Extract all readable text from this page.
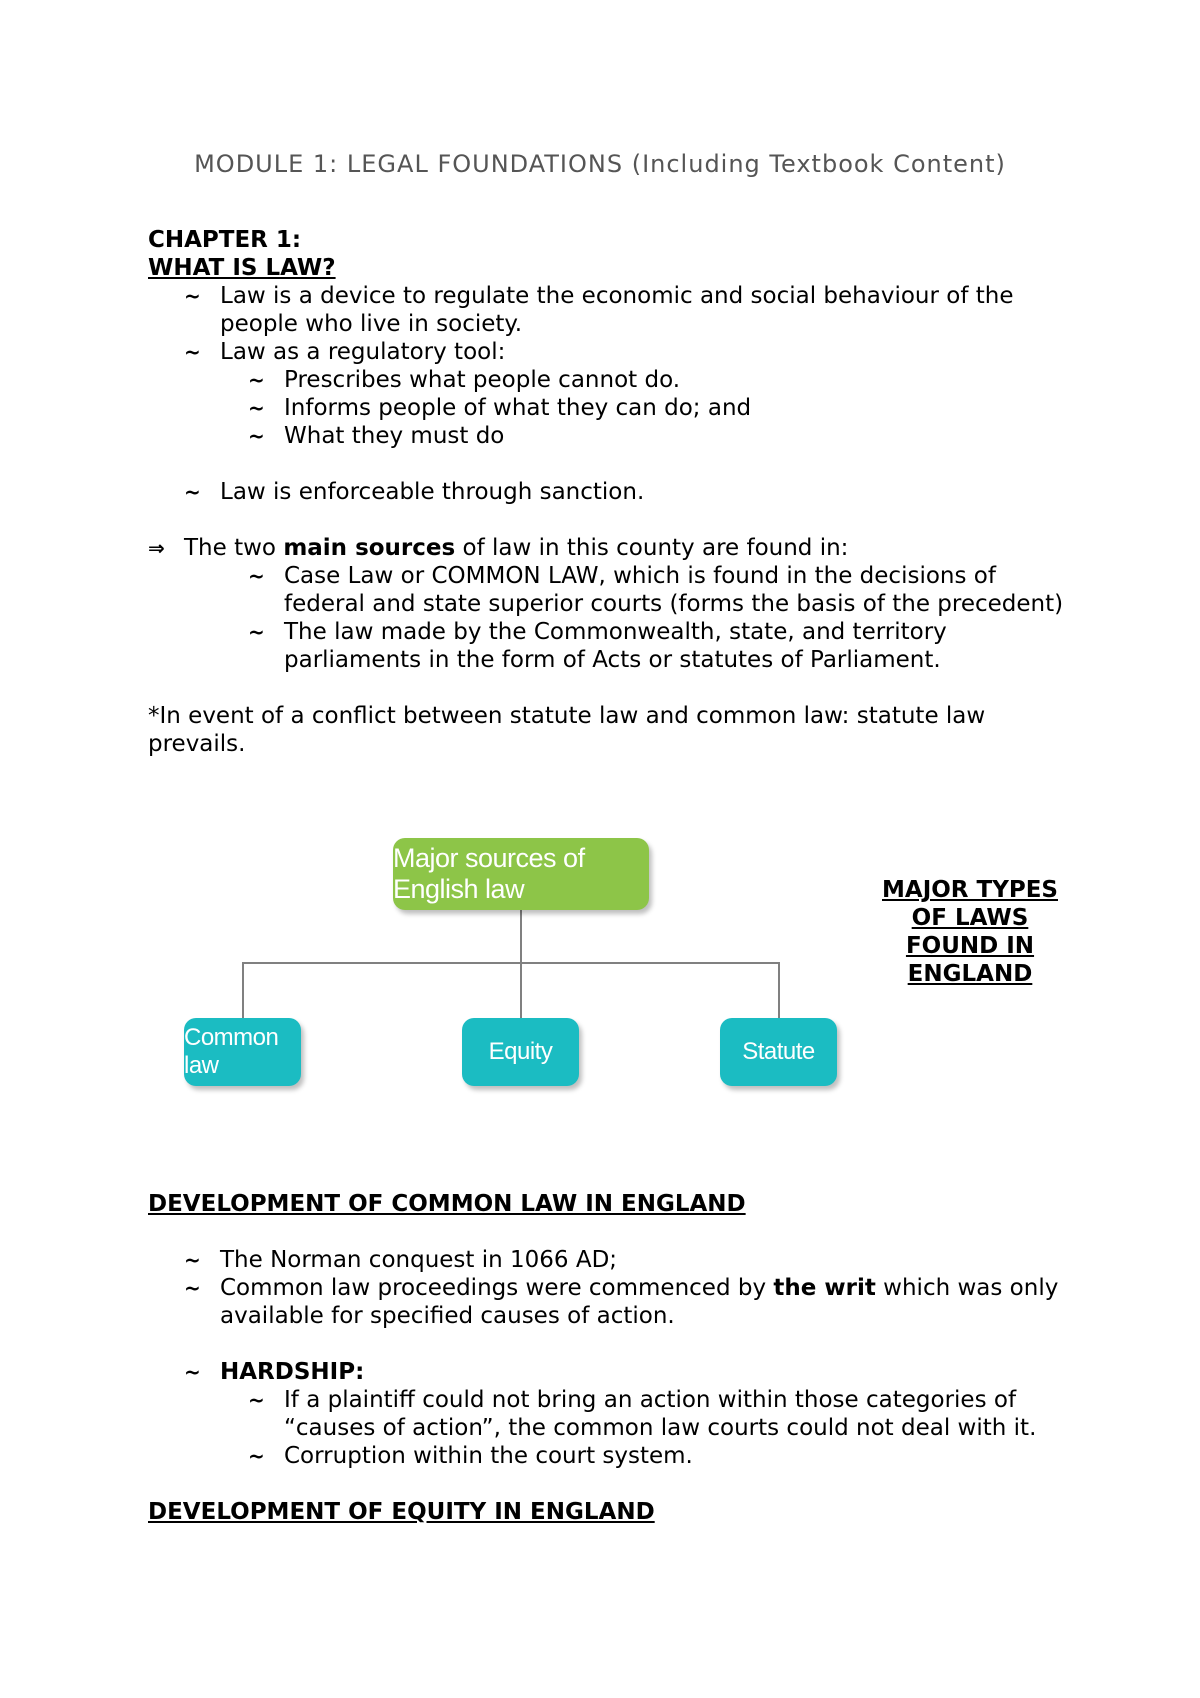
MODULE 1: LEGAL FOUNDATIONS (Including Textbook Content)
CHAPTER 1:
WHAT IS LAW?
~ Law is a device to regulate the economic and social behaviour of the people who live in society.
~ Law as a regulatory tool:
~ Prescribes what people cannot do.
~ Informs people of what they can do; and
~ What they must do
~ Law is enforceable through sanction.
⇒ The two main sources of law in this county are found in:
~ Case Law or COMMON LAW, which is found in the decisions of federal and state superior courts (forms the basis of the precedent)
~ The law made by the Commonwealth, state, and territory parliaments in the form of Acts or statutes of Parliament.
*In event of a conflict between statute law and common law: statute law prevails.
Major sources of English law
Common law
Equity	Statute
MAJOR TYPES OF LAWS FOUND IN ENGLAND
DEVELOPMENT OF COMMON LAW IN ENGLAND
~ The Norman conquest in 1066 AD;
~ Common law proceedings were commenced by the writ which was only available for specified causes of action.
~ HARDSHIP:
~ If a plaintiff could not bring an action within those categories of “causes of action”, the common law courts could not deal with it.
~ Corruption within the court system.
DEVELOPMENT OF EQUITY IN ENGLAND
